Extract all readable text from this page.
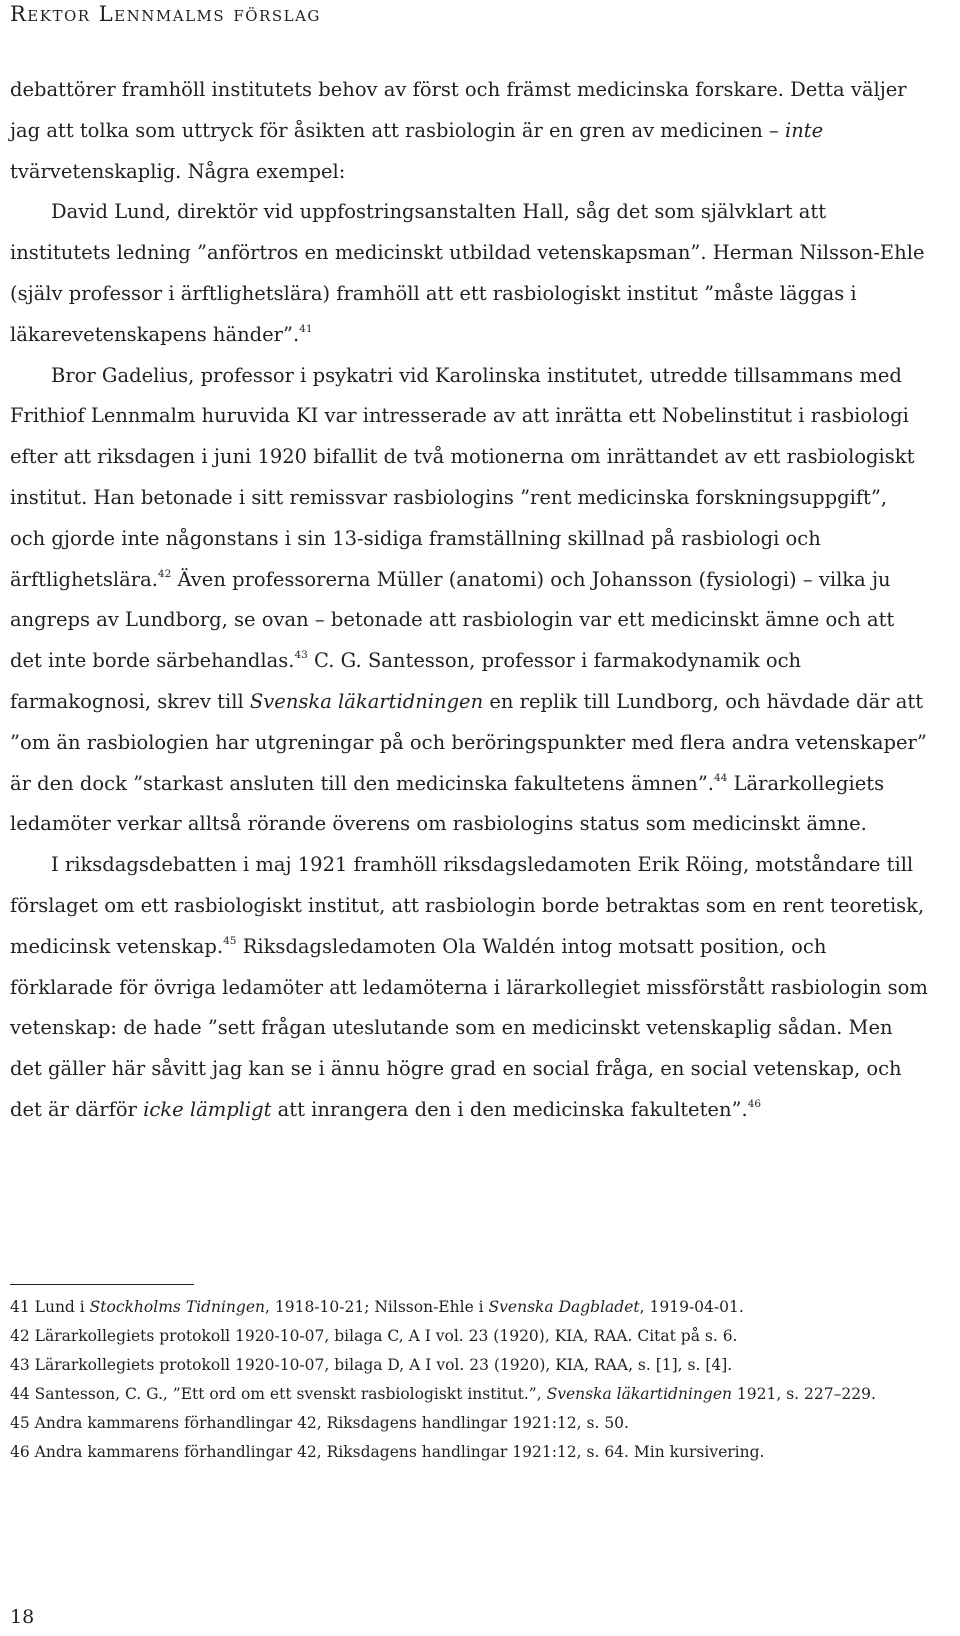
Rektor Lennmalms förslag

debattörer framhöll institutets behov av först och främst medicinska forskare. Detta väljer jag att tolka som uttryck för åsikten att rasbiologin är en gren av medicinen – inte tvärvetenskaplig. Några exempel:

David Lund, direktör vid uppfostringsanstalten Hall, såg det som självklart att institutets ledning ”anförtros en medicinskt utbildad vetenskapsman”. Herman Nilsson-Ehle (själv professor i ärftlighetslära) framhöll att ett rasbiologiskt institut ”måste läggas i läkarevetenskapens händer”.$^{41}$

Bror Gadelius, professor i psykatri vid Karolinska institutet, utredde tillsammans med Frithiof Lennmalm huruvida KI var intresserade av att inrätta ett Nobelinstitut i rasbiologi efter att riksdagen i juni 1920 bifallit de två motionerna om inrättandet av ett rasbiologiskt institut. Han betonade i sitt remissvar rasbiologins ”rent medicinska forskningsuppgift”, och gjorde inte någonstans i sin 13-sidiga framställning skillnad på rasbiologi och ärftlighetslära.$^{42}$ Även professorerna Müller (anatomi) och Johansson (fysiologi) – vilka ju angreps av Lundborg, se ovan – betonade att rasbiologin var ett medicinskt ämne och att det inte borde särbehandlas.$^{43}$ C. G. Santesson, professor i farmakodynamik och farmakognosi, skrev till Svenska läkartidningen en replik till Lundborg, och hävdade där att ”om än rasbiologien har utgreningar på och beröringspunkter med flera andra vetenskaper” är den dock ”starkast ansluten till den medicinska fakultetens ämnen”.$^{44}$ Lärarkollegiets ledamöter verkar alltså rörande överens om rasbiologins status som medicinskt ämne.

I riksdagsdebatten i maj 1921 framhöll riksdagsledamoten Erik Röing, motståndare till förslaget om ett rasbiologiskt institut, att rasbiologin borde betraktas som en rent teoretisk, medicinsk vetenskap.$^{45}$ Riksdagsledamoten Ola Waldén intog motsatt position, och förklarade för övriga ledamöter att ledamöterna i lärarkollegiet missförstått rasbiologin som vetenskap: de hade ”sett frågan uteslutande som en medicinskt vetenskaplig sådan. Men det gäller här såvitt jag kan se i ännu högre grad en social fråga, en social vetenskap, och det är därför icke lämpligt att inrangera den i den medicinska fakulteten”.$^{46}$

41 Lund i Stockholms Tidningen, 1918-10-21; Nilsson-Ehle i Svenska Dagbladet, 1919-04-01.

42 Lärarkollegiets protokoll 1920-10-07, bilaga C, A I vol. 23 (1920), KIA, RAA. Citat på s. 6.

43 Lärarkollegiets protokoll 1920-10-07, bilaga D, A I vol. 23 (1920), KIA, RAA, s. [1], s. [4].

44 Santesson, C. G., ”Ett ord om ett svenskt rasbiologiskt institut.”, Svenska läkartidningen 1921, s. 227–229.

45 Andra kammarens förhandlingar 42, Riksdagens handlingar 1921:12, s. 50.

46 Andra kammarens förhandlingar 42, Riksdagens handlingar 1921:12, s. 64. Min kursivering.

18
